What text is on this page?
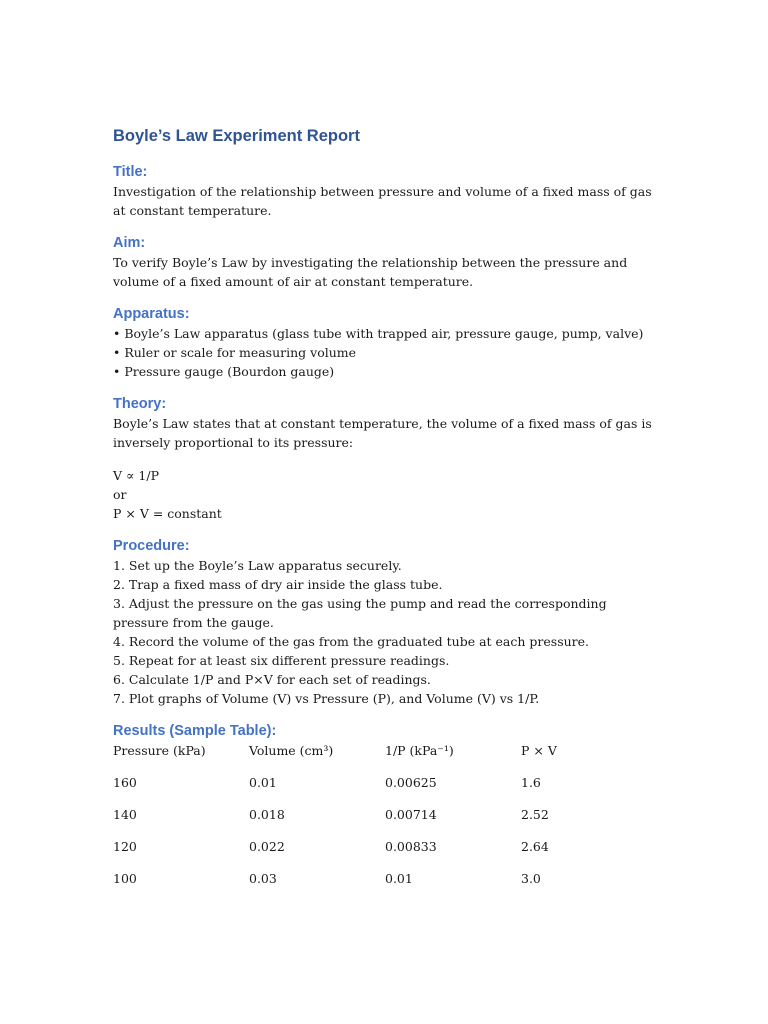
Boyle’s Law Experiment Report
Title:

Investigation of the relationship between pressure and volume of a fixed mass of gas at constant temperature.

Aim:

To verify Boyle’s Law by investigating the relationship between the pressure and volume of a fixed amount of air at constant temperature.

Apparatus:

• Boyle’s Law apparatus (glass tube with trapped air, pressure gauge, pump, valve)

• Ruler or scale for measuring volume

• Pressure gauge (Bourdon gauge)

Theory:

Boyle’s Law states that at constant temperature, the volume of a fixed mass of gas is inversely proportional to its pressure:

V ∝ 1/P

or

P × V = constant

Procedure:

1. Set up the Boyle’s Law apparatus securely.

2. Trap a fixed mass of dry air inside the glass tube.

3. Adjust the pressure on the gas using the pump and read the corresponding pressure from the gauge.

4. Record the volume of the gas from the graduated tube at each pressure.

5. Repeat for at least six different pressure readings.

6. Calculate 1/P and P×V for each set of readings.

7. Plot graphs of Volume (V) vs Pressure (P), and Volume (V) vs 1/P.

Results (Sample Table):
Pressure (kPa)	Volume (cm³)	1/P (kPa⁻¹)	P × V
160	0.01	0.00625	1.6
140	0.018	0.00714	2.52
120	0.022	0.00833	2.64
100	0.03	0.01	3.0
